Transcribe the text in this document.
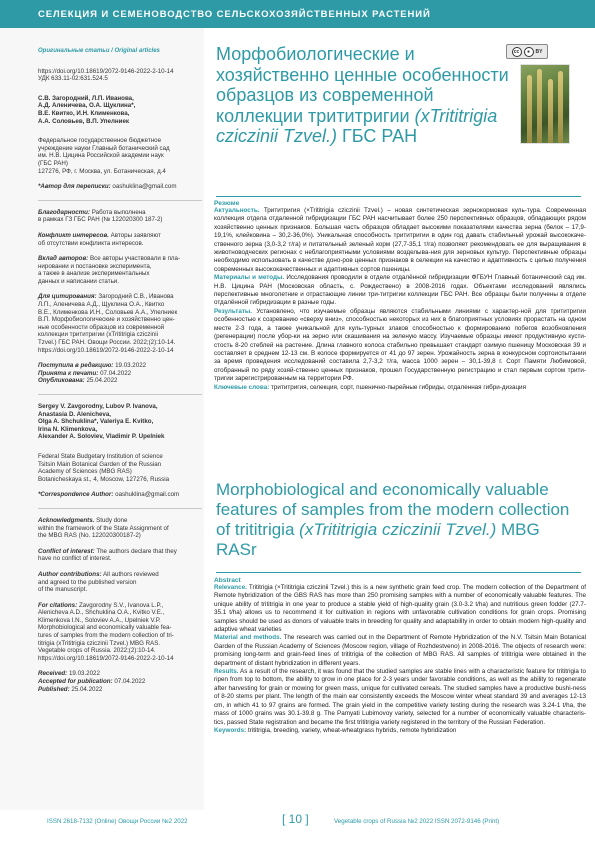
СЕЛЕКЦИЯ И СЕМЕНОВОДСТВО СЕЛЬСКОХОЗЯЙСТВЕННЫХ РАСТЕНИЙ
Оригинальные статьи / Original articles
https://doi.org/10.18619/2072-9146-2022-2-10-14
УДК 633.11-02:631.524.5
С.В. Загородний, Л.П. Иванова,
А.Д. Аленичева, О.А. Щуклина*,
В.Е. Квитко, И.Н. Клименкова,
А.А. Соловьев, В.П. Упелниек
Федеральное государственное бюджетное
учреждение науки Главный ботанический сад
им. Н.В. Цицина Российской академии наук
(ГБС РАН)
127276, РФ, г. Москва, ул. Ботаническая, д.4
*Автор для переписки: oashuklina@gmail.com
Благодарности: Работа выполнена
в рамках ГЗ ГБС РАН (№ 122020300 187-2)
Конфликт интересов. Авторы заявляют
об отсутствии конфликта интересов.
Вклад авторов: Все авторы участвовали в пла-
нировании и постановке эксперимента,
а также в анализе экспериментальных
данных и написании статьи.
Для цитирования: Загородний С.В., Иванова
Л.П., Аленичева А.Д., Щуклина О.А., Квитко
В.Е., Клименкова И.Н., Соловьев А.А., Упелниек
В.П. Морфобиологические и хозяйственно цен-
ные особенности образцов из современной
коллекции трититригии (xTrititrigia cziczinii
Tzvel.) ГБС РАН. Овощи России. 2022;(2):10-14.
https://doi.org/10.18619/2072-9146-2022-2-10-14
Поступила в редакцию: 19.03.2022
Принята к печати: 07.04.2022
Опубликована: 25.04.2022
Sergey V. Zavgorodny, Lubov P. Ivanova,
Anastasia D. Alenicheva,
Olga A. Shchuklina*, Valeriya E. Kvitko,
Irina N. Klimenkova,
Alexander A. Soloviev, Vladimir P. Upelniek
Federal State Budgetary Institution of science
Tsitsin Main Botanical Garden of the Russian
Academy of Sciences (MBG RAS)
Botanicheskaya st., 4, Moscow, 127276, Russia
*Correspondence Author: oashuklina@gmail.com
Acknowledgments. Study done
within the framework of the State Assignment of
the MBG RAS (No. 122020300187-2)
Conflict of interest: The authors declare that they
have no conflict of interest.
Author contributions: All authors reviewed
and agreed to the published version
of the manuscript.
For citations: Zavgorodny S.V., Ivanova L.P.,
Alenicheva A.D., Shchuklina O.A., Kvitko V.E.,
Klimenkova I.N., Soloviev A.A., Upelniek V.P.
Morphobiological and economically valuable fea-
tures of samples from the modern collection of tri-
titrigia (xTrititrigia cziczinii Tzvel.) MBG RAS.
Vegetable crops of Russia. 2022;(2):10-14.
https://doi.org/10.18619/2072-9146-2022-2-10-14
Received: 19.03.2022
Accepted for publication: 07.04.2022
Published: 25.04.2022
Морфобиологические и хозяйственно ценные особенности образцов из современной коллекции трититригии (xTrititrigia cziczinii Tzvel.) ГБС РАН
cc	●	BY
Резюме

Актуальность. Трититригия (×Trititrigia cziczinii Tzvel.) – новая синтетическая зернокормовая куль-тура. Современная коллекция отдела отдаленной гибридизации ГБС РАН насчитывает более 250 перспективных образцов, обладающих рядом хозяйственно ценных признаков. Большая часть образцов обладает высокими показателями качества зерна (белок – 17,9-19,1%, клейковина – 30,2-36,0%). Уникальная способность трититригии в один год давать стабильный урожай высококаче-ственного зерна (3,0-3,2 т/га) и питательный зеленый корм (27,7-35,1 т/га) позволяет рекомендовать ее для выращивания в животноводческих регионах с неблагоприятными условиями возделыва-ния для зерновых культур. Перспективные образцы необходимо использовать в качестве доно-ров ценных признаков в селекции на качество и адаптивность с целью получения современных высококачественных и адаптивных сортов пшеницы.

Материалы и методы. Исследования проводили в отделе отдалённой гибридизации ФГБУН Главный ботанический сад им. Н.В. Цицина РАН (Московская область, с. Рождествено) в 2008-2016 годах. Объектами исследований являлись перспективные многолетние и отрастающие линии три-титригии коллекции ГБС РАН. Все образцы были получены в отделе отдалённой гибридизации в разные годы.

Результаты. Установлено, что изучаемые образцы являются стабильными линиями с характер-ной для трититригии особенностью к созреванию «сверху вниз», способностью некоторых из них в благоприятных условиях прорастать на одном месте 2-3 года, а также уникальной для куль-турных злаков способностью к формированию побегов возобновления (регенерации) после убор-ки на зерно или скашивания на зеленую массу. Изучаемые образцы имеют продуктивную кусти-стость 8-20 стеблей на растение. Длина главного колоса стабильно превышает стандарт озимую пшеницу Московская 39 и составляет в среднем 12-13 см. В колосе формируется от 41 до 97 зерен. Урожайность зерна в конкурсном сортоиспытании за время проведения исследований составила 2,7-3,2 т/га, масса 1000 зерен – 30,1-39,8 г. Сорт Памяти Любимовой, отобранный по ряду хозяй-ственно ценных признаков, прошел Государственную регистрацию и стал первым сортом трити-тригии зарегистрированным на территории РФ.

Ключевые слова: трититригия, селекция, сорт, пшенично-пырейные гибриды, отдаленная гибри-дизация

Morphobiological and economically valuable features of samples from the modern collection of trititrigia (xTrititrigia cziczinii Tzvel.) MBG RASr
Abstract

Relevance. Trititrigia (×Trititrigia cziczinii Tzvel.) this is a new synthetic grain feed crop. The modern collection of the Department of Remote hybridization of the GBS RAS has more than 250 promising samples with a number of economically valuable features. The unique ability of trititrigia in one year to produce a stable yield of high-quality grain (3.0-3.2 t/ha) and nutritious green fodder (27.7-35.1 t/ha) allows us to recommend it for cultivation in regions with unfavorable cultivation conditions for grain crops. Promising samples should be used as donors of valuable traits in breeding for quality and adaptability in order to obtain modern high-quality and adaptive wheat varieties

Material and methods. The research was carried out in the Department of Remote Hybridization of the N.V. Tsitsin Main Botanical Garden of the Russian Academy of Sciences (Moscow region, village of Rozhdestveno) in 2008-2016. The objects of research were: promising long-term and grain-feed lines of trititrigia of the collection of MBG RAS. All samples of trititrigia were obtained in the department of distant hybridization in different years.

Results. As a result of the research, it was found that the studied samples are stable lines with a characteristic feature for trititrigia to ripen from top to bottom, the ability to grow in one place for 2-3 years under favorable conditions, as well as the ability to regenerate after harvesting for grain or mowing for green mass, unique for cultivated cereals. The studied samples have a productive bushi-ness of 8-20 stems per plant. The length of the main ear consistently exceeds the Moscow winter wheat standard 39 and averages 12-13 cm, in which 41 to 97 grains are formed. The grain yield in the competitive variety testing during the research was 3.24-1 t/ha, the mass of 1000 grains was 30.1-39.8 g. The Pamyati Lubimovoy variety, selected for a number of economically valuable characteris-tics, passed State registration and became the first trititrigia variety registered in the territory of the Russian Federation.

Keywords: trititrigia, breeding, variety, wheat-wheatgrass hybrids, remote hybridization

ISSN 2618-7132 (Online) Овощи России №2 2022	[ 10 ]	Vegetable crops of Russia №2 2022 ISSN 2072-9146 (Print)
